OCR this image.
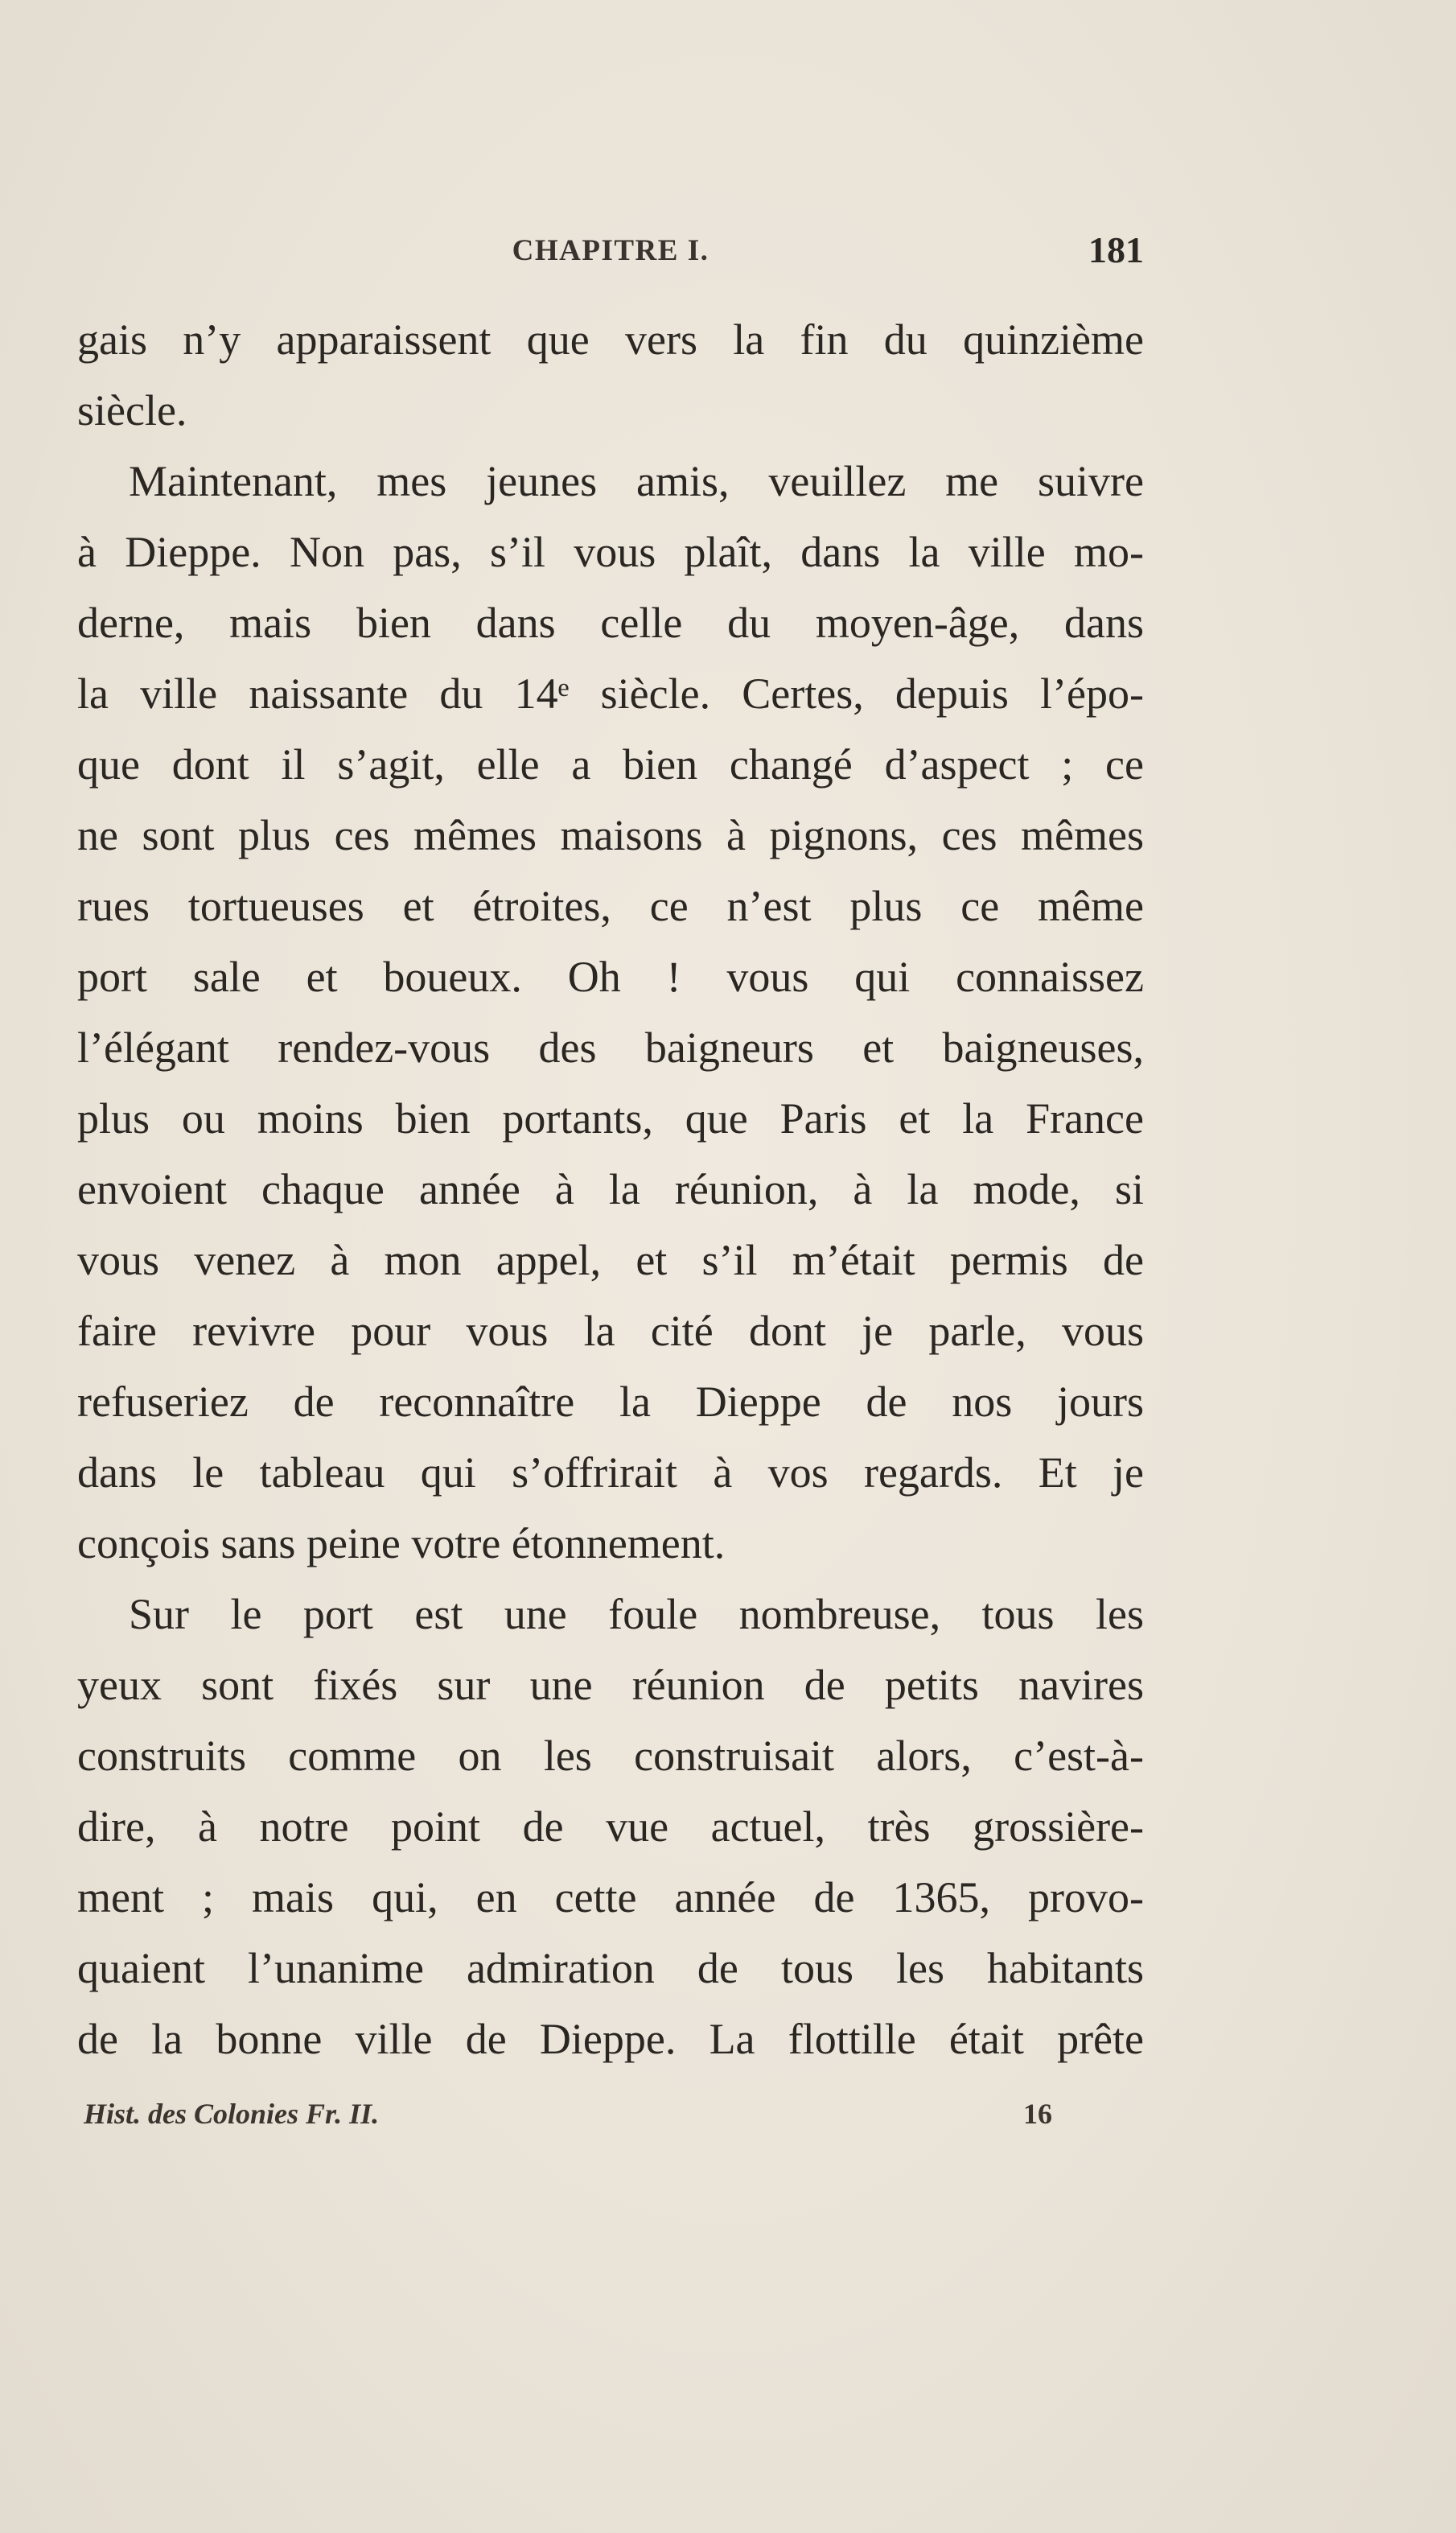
CHAPITRE I.	181
gais n’y apparaissent que vers la fin du quinzième
siècle.
Maintenant, mes jeunes amis, veuillez me suivre
à Dieppe. Non pas, s’il vous plaît, dans la ville mo-
derne, mais bien dans celle du moyen-âge, dans
la ville naissante du 14ᵉ siècle. Certes, depuis l’épo-
que dont il s’agit, elle a bien changé d’aspect ; ce
ne sont plus ces mêmes maisons à pignons, ces mêmes
rues tortueuses et étroites, ce n’est plus ce même
port sale et boueux. Oh ! vous qui connaissez
l’élégant rendez-vous des baigneurs et baigneuses,
plus ou moins bien portants, que Paris et la France
envoient chaque année à la réunion, à la mode, si
vous venez à mon appel, et s’il m’était permis de
faire revivre pour vous la cité dont je parle, vous
refuseriez de reconnaître la Dieppe de nos jours
dans le tableau qui s’offrirait à vos regards. Et je
conçois sans peine votre étonnement.
Sur le port est une foule nombreuse, tous les
yeux sont fixés sur une réunion de petits navires
construits comme on les construisait alors, c’est-à-
dire, à notre point de vue actuel, très grossière-
ment ; mais qui, en cette année de 1365, provo-
quaient l’unanime admiration de tous les habitants
de la bonne ville de Dieppe. La flottille était prête
Hist. des Colonies Fr. II.	16
